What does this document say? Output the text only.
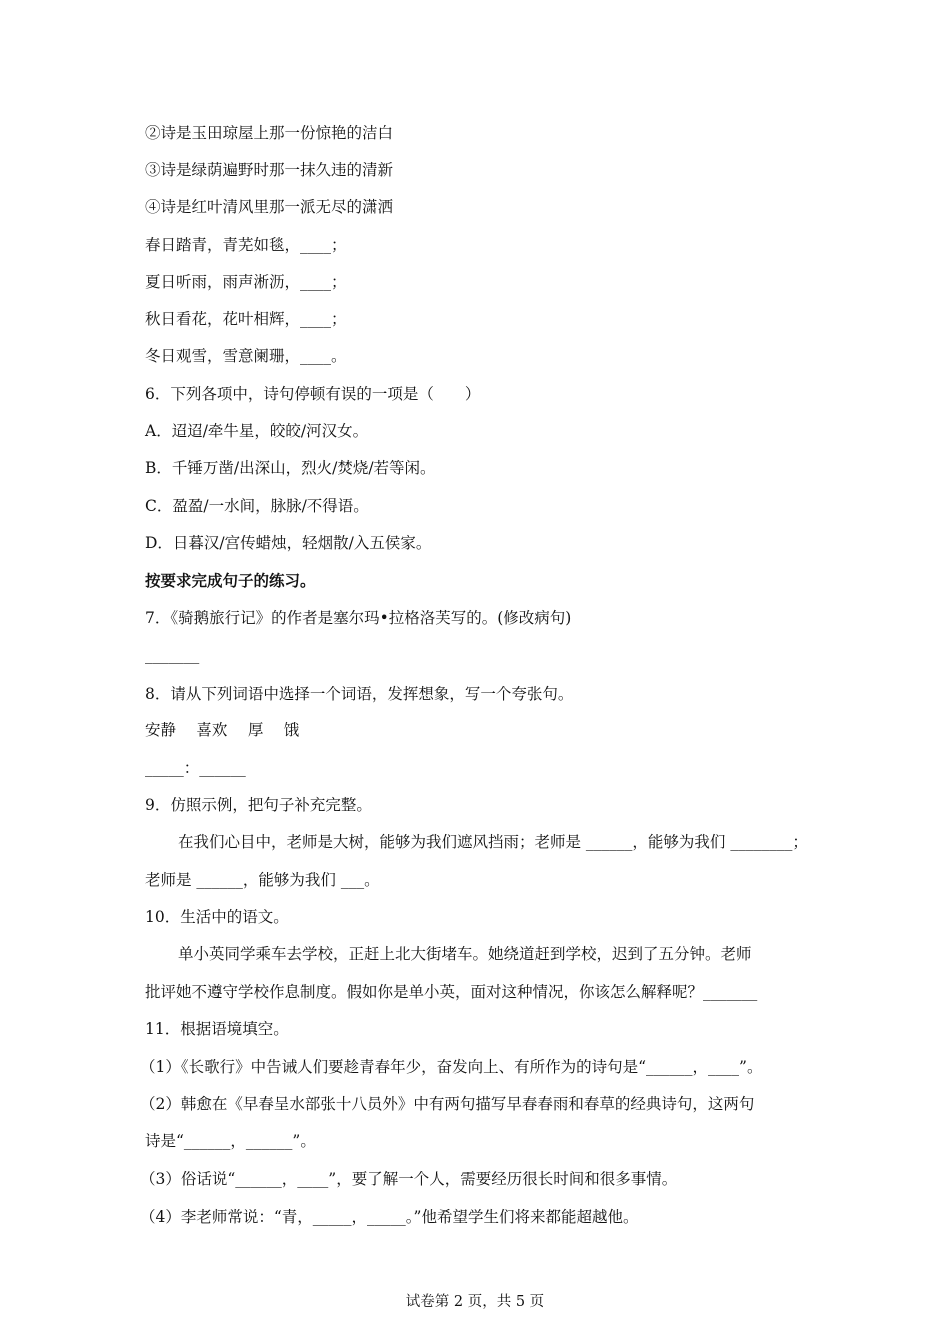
②诗是玉田琼屋上那一份惊艳的洁白
③诗是绿荫遍野时那一抹久违的清新
④诗是红叶清风里那一派无尽的潇洒
春日踏青，青芜如毯，____；
夏日听雨，雨声淅沥，____；
秋日看花，花叶相辉，____；
冬日观雪，雪意阑珊，____。
6．下列各项中，诗句停顿有误的一项是（　　）
A．迢迢/牵牛星，皎皎/河汉女。
B．千锤万凿/出深山，烈火/焚烧/若等闲。
C．盈盈/一水间，脉脉/不得语。
D．日暮汉/宫传蜡烛，轻烟散/入五侯家。
按要求完成句子的练习。
7．《骑鹅旅行记》的作者是塞尔玛•拉格洛芙写的。(修改病句)
_______
8．请从下列词语中选择一个词语，发挥想象，写一个夸张句。
安静　 喜欢　 厚　 饿
_____：______
9．仿照示例，把句子补充完整。
在我们心目中，老师是大树，能够为我们遮风挡雨；老师是 ______，能够为我们 ________；
老师是 ______，能够为我们 ___。
10．生活中的语文。
单小英同学乘车去学校，正赶上北大街堵车。她绕道赶到学校，迟到了五分钟。老师
批评她不遵守学校作息制度。假如你是单小英，面对这种情况，你该怎么解释呢？_______
11．根据语境填空。
（1）《长歌行》中告诫人们要趁青春年少，奋发向上、有所作为的诗句是“______，____”。
（2）韩愈在《早春呈水部张十八员外》中有两句描写早春春雨和春草的经典诗句，这两句
诗是“______，______”。
（3）俗话说“______，____”，要了解一个人，需要经历很长时间和很多事情。
（4）李老师常说：“青，_____，_____。”他希望学生们将来都能超越他。
试卷第 2 页，共 5 页
